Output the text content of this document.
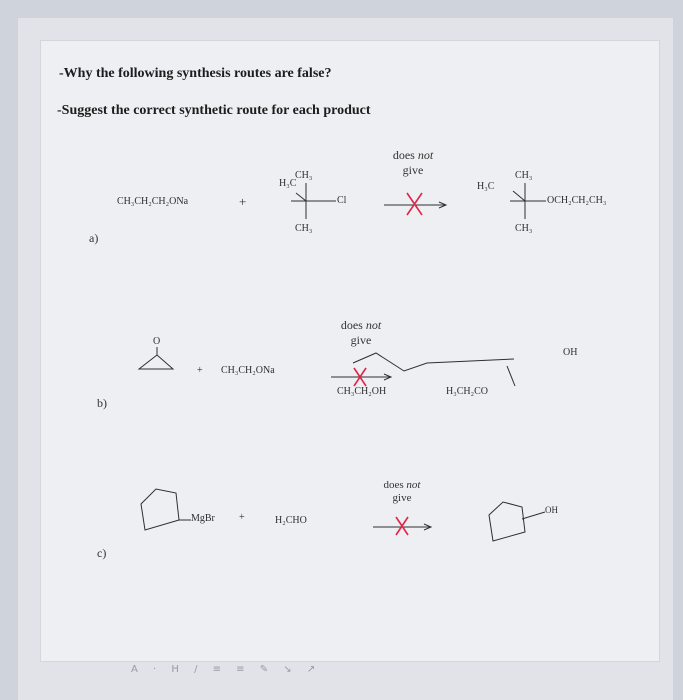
-Why the following synthesis routes are false?
-Suggest the correct synthetic route for each product
a)
CH₃CH₂CH₂ONa	+
CH₃
H₃C
Cl
CH₃
does not
give	CH₃
H₃C
OCH₂CH₂CH₃
CH₃
b)
O
+ CH₃CH₂ONa
does not
give
CH₃CH₂OH
OH
H₃CH₂CO
c)
MgBr +	H₂CHO
does not
give
OH
A · H / ≡ ≡ ✎ ↘ ↗
